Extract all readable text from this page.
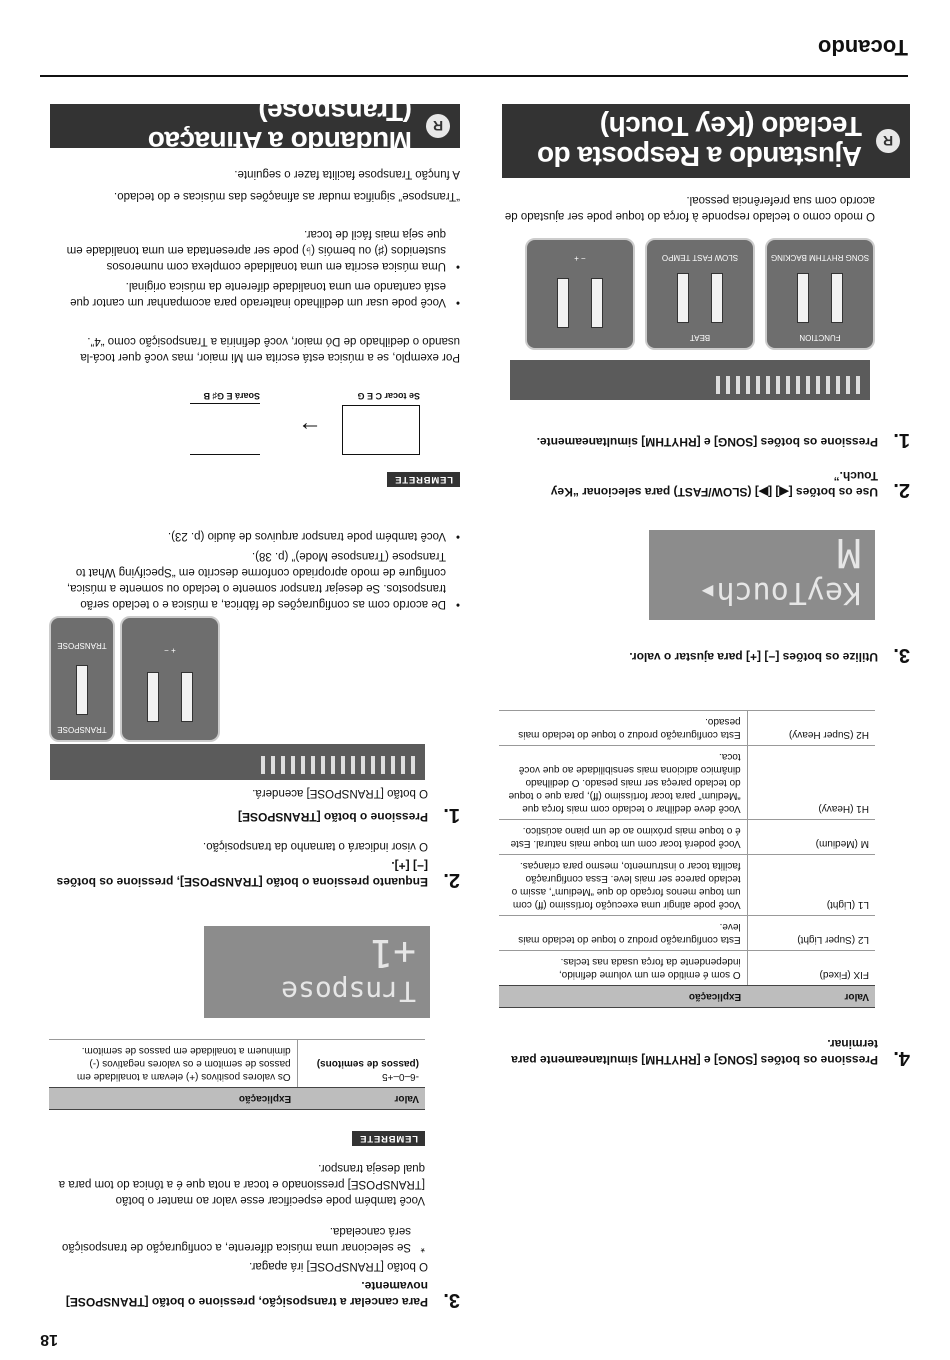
18
Tocando
R
Ajustando a Resposta do
Teclado (Key Touch)
O modo como o teclado responde à força do toque pode ser ajustado de acordo com sua preferência pessoal.
FUNCTION

SONG RHYTHM BACKING
BEAT

SLOW FAST TEMPO

− +
1.
Pressione os botões [SONG] e [RHYTHM] simultaneamente.
2.
Use os botões [◀] [▶] (SLOW/FAST) para selecionar “Key Touch.”
KeyTouch▸
M
3.
Utilize os botões [−] [+] para ajustar o valor.
Valor	Explicação
FIX (Fixed)	O som é emitido em um volume definido, independente da força usada nas teclas.
L2 (Super Light)	Esta configuração produz o toque do teclado mais leve.
L1 (Light)	Você pode atingir uma execução fortíssimo (ff) com um toque menos forçado do que “Medium”, assim o teclado parece ser mais leve. Essa configuração facilita tocar o instrumento, mesmo para crianças.
M (Medium)	Você poderá tocar com um toque mais natural. Este é o toque mais próximo ao de um piano acústico.
H1 (Heavy)	Você deve dedilhar o teclado com mais força que “Medium” para tocar fortíssimo (ff), para que o toque do teclado pareça ser mais pesado. O dedilhado dinâmico adiciona mais sensibilidade ao que você toca.
H2 (Super Heavy)	Esta configuração produz o toque do teclado mais pesado.
4.
Pressione os botões [SONG] e [RHYTHM] simultaneamente para terminar.
R
Mudando a Afinação (Transpose)
“Transpose” significa mudar as afinações das músicas e do teclado.
A função Transpose facilita fazer o seguinte.
•
Você pode usar um dedilhado inalterado para acompanhar um cantor que está cantando em uma tonalidade diferente da música original.
•
Uma música escrita em uma tonalidade complexa com numerosos sustenidos (♯) ou bemóis (♭) pode ser apresentada em uma tonalidade em que seja mais fácil de tocar.
Por exemplo, se a música está escrita em Mi maior, mas você quer tocá-la usando o dedilhado de Dó maior, você definiria a Transposição como “4”.
Se tocar C E G
→
Soará E G♯ B
LEMBRETE
•
De acordo com as configurações de fábrica, a música e o teclado serão transpostos. Se desejar transpor somente o teclado ou somente a música, configure de modo apropriado conforme descrito em “Specifying What to Transpose (Transpose Mode)” (p. 38).
•
Você também pode transpor arquivos de áudio (p. 23).

+ −
TRANSPOSE
TRANSPOSE
1.
Pressione o botão [TRANSPOSE]
O botão [TRANSPOSE] acenderá.
2.
Enquanto pressiona o botão [TRANSPOSE], pressione os botões [−] [+].
O visor indicará o tamanho da transposição.
Trnspose
+1
Valor	Explicação

-6–0–+5
(passos de semitons)	Os valores positivos (+) elevam a tonalidade em passos de semitom e os valores negativos (-) diminuem a tonalidade em passos de semitom.
LEMBRETE
Você também pode especificar esse valor ao manter o botão [TRANSPOSE] pressionado e tocar a nota que é a tônica do tom para a qual deseja transpor.
*
Se selecionar uma música diferente, a configuração de transposição será cancelada.
3.
Para cancelar a transposição, pressione o botão [TRANSPOSE] novamente.
O botão [TRANSPOSE] irá apagar.
